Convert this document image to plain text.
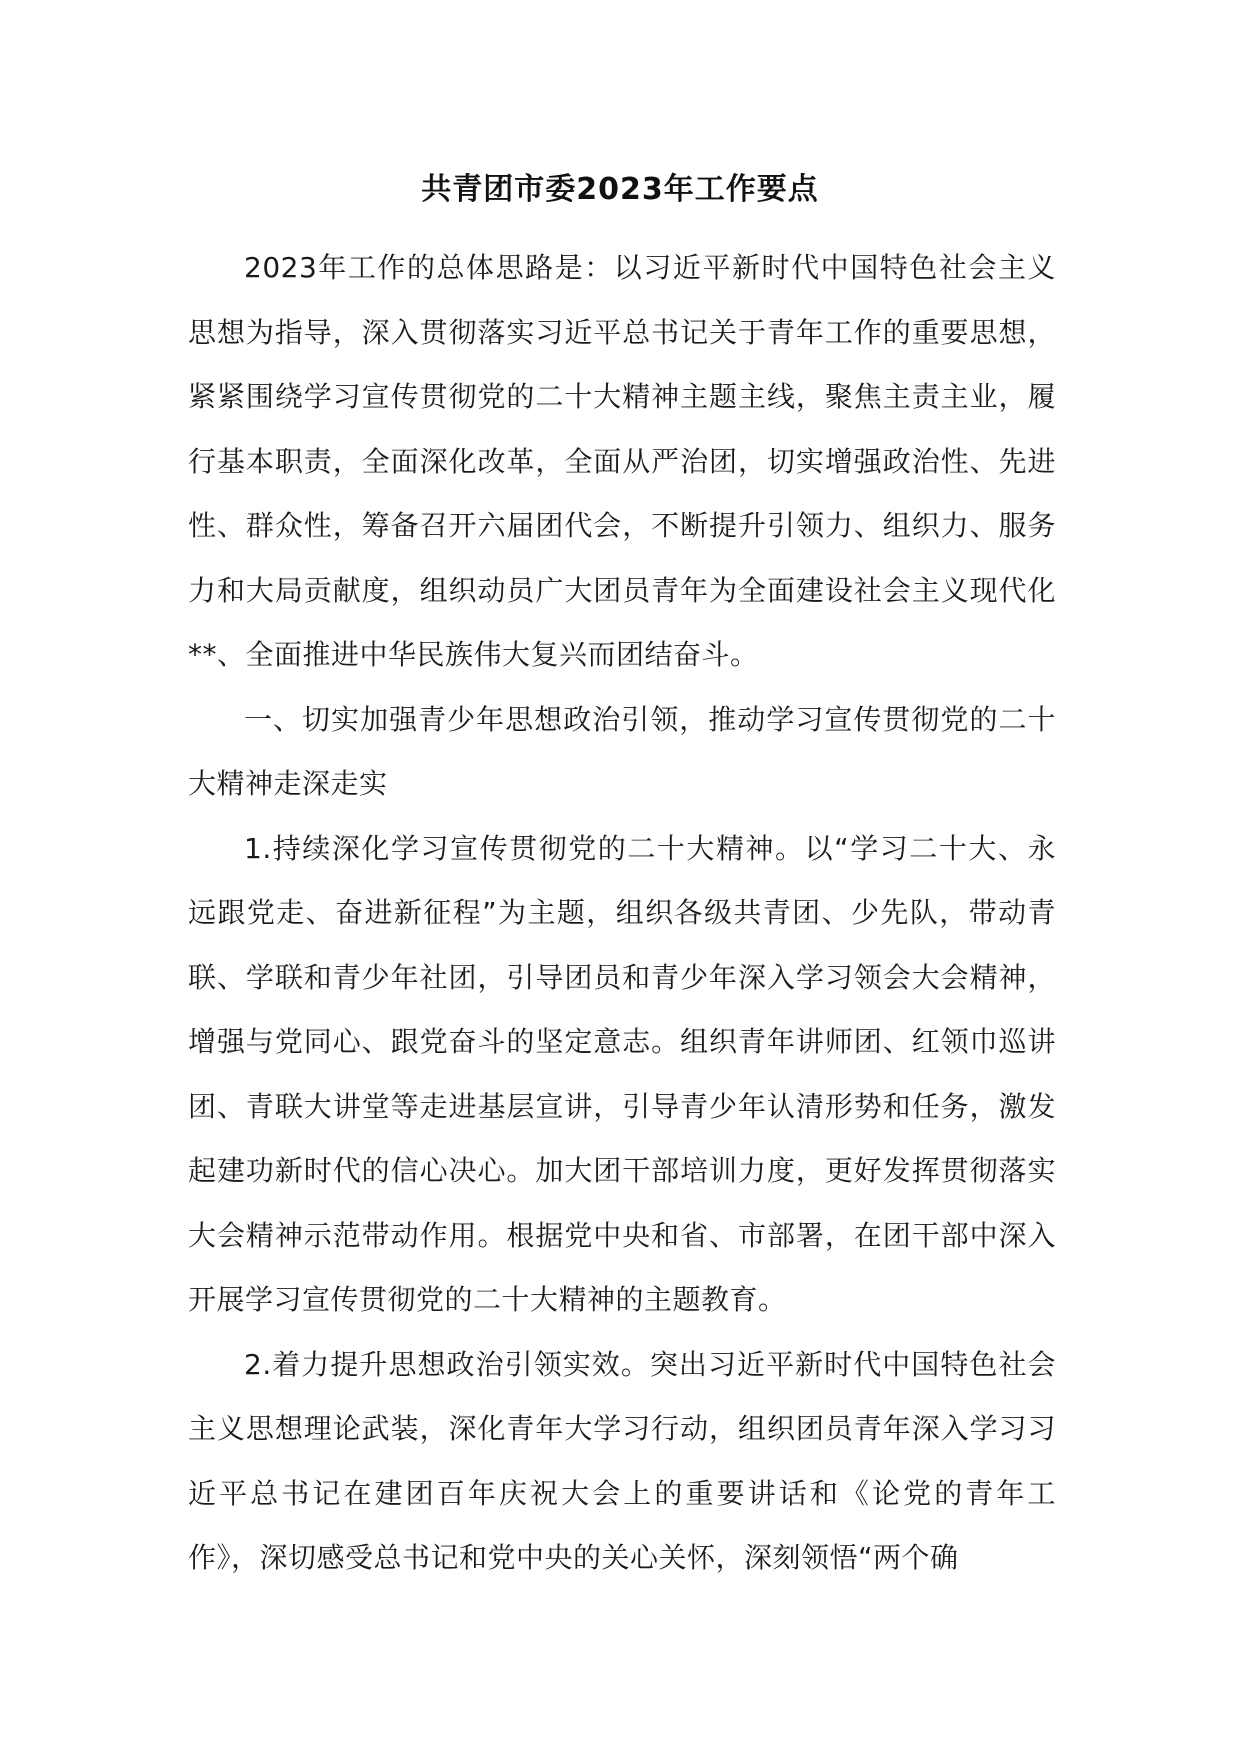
共青团市委2023年工作要点

2023年工作的总体思路是：以习近平新时代中国特色社会主义思想为指导，深入贯彻落实习近平总书记关于青年工作的重要思想，紧紧围绕学习宣传贯彻党的二十大精神主题主线，聚焦主责主业，履行基本职责，全面深化改革，全面从严治团，切实增强政治性、先进性、群众性，筹备召开六届团代会，不断提升引领力、组织力、服务力和大局贡献度，组织动员广大团员青年为全面建设社会主义现代化**、全面推进中华民族伟大复兴而团结奋斗。

一、切实加强青少年思想政治引领，推动学习宣传贯彻党的二十大精神走深走实

1.持续深化学习宣传贯彻党的二十大精神。以“学习二十大、永远跟党走、奋进新征程”为主题，组织各级共青团、少先队，带动青联、学联和青少年社团，引导团员和青少年深入学习领会大会精神，增强与党同心、跟党奋斗的坚定意志。组织青年讲师团、红领巾巡讲团、青联大讲堂等走进基层宣讲，引导青少年认清形势和任务，激发起建功新时代的信心决心。加大团干部培训力度，更好发挥贯彻落实大会精神示范带动作用。根据党中央和省、市部署，在团干部中深入开展学习宣传贯彻党的二十大精神的主题教育。

2.着力提升思想政治引领实效。突出习近平新时代中国特色社会主义思想理论武装，深化青年大学习行动，组织团员青年深入学习习近平总书记在建团百年庆祝大会上的重要讲话和《论党的青年工作》，深切感受总书记和党中央的关心关怀，深刻领悟“两个确
